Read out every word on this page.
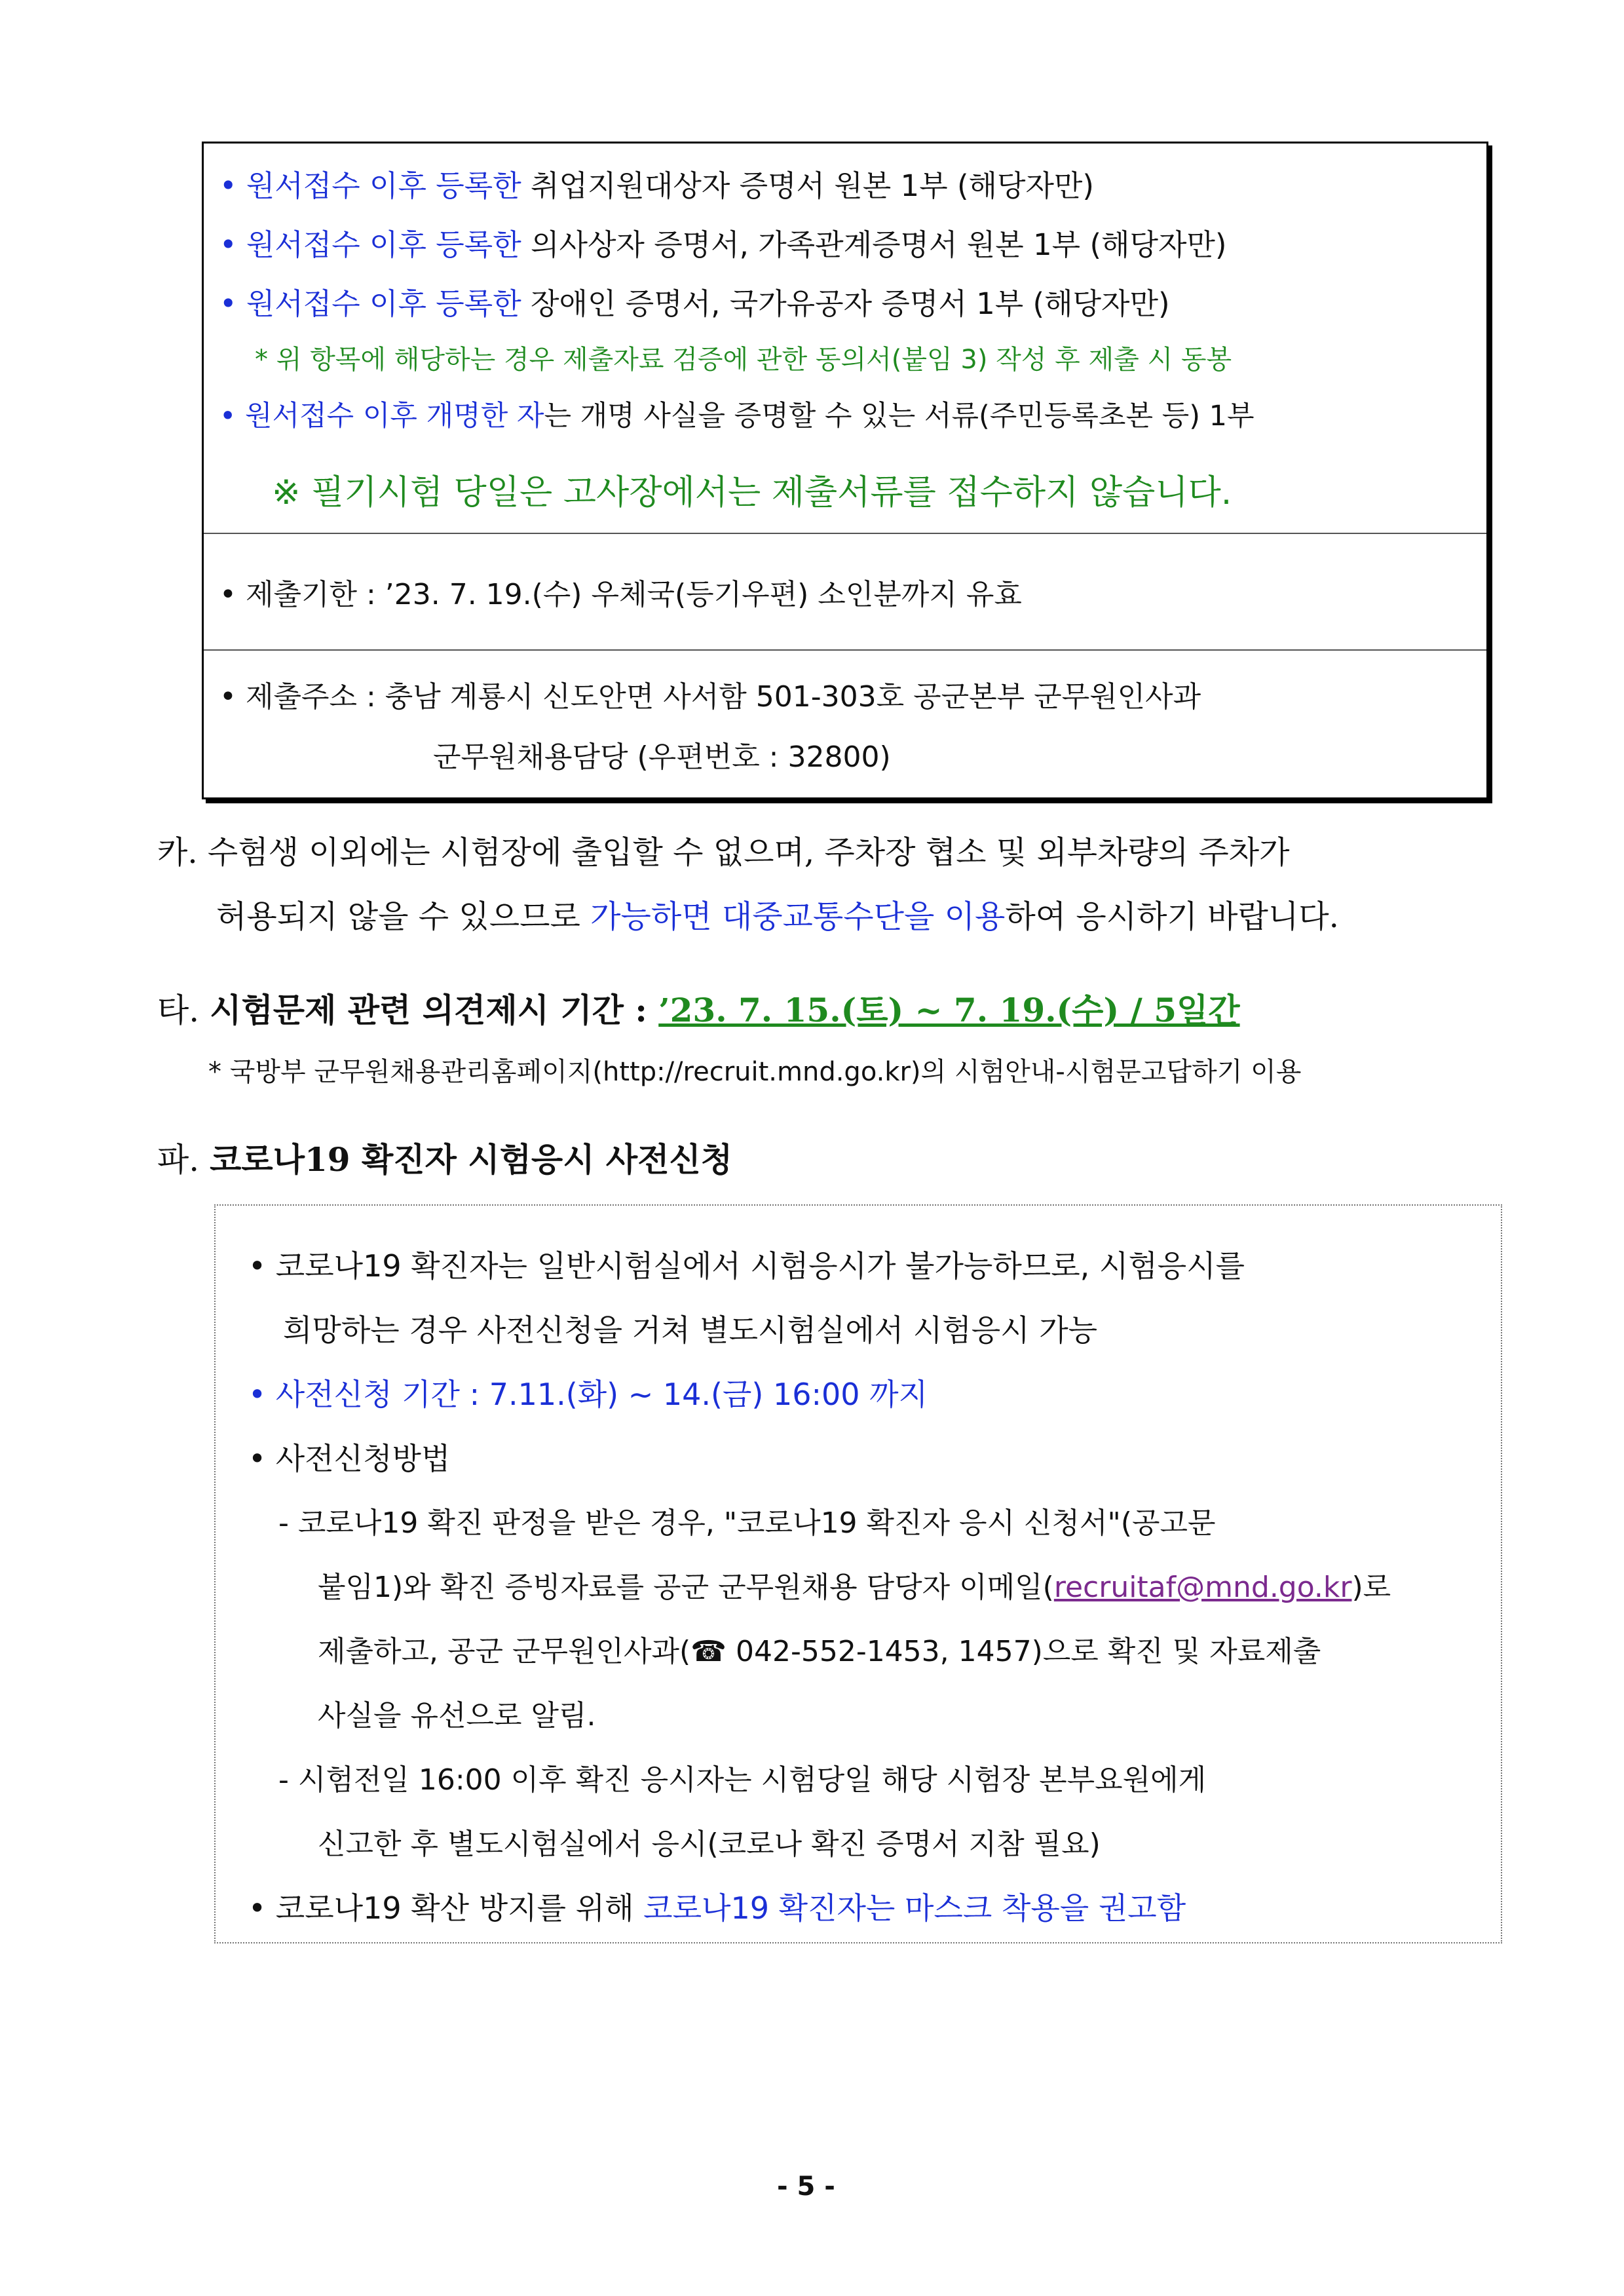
• 원서접수 이후 등록한 취업지원대상자 증명서 원본 1부 (해당자만)
• 원서접수 이후 등록한 의사상자 증명서, 가족관계증명서 원본 1부 (해당자만)
• 원서접수 이후 등록한 장애인 증명서, 국가유공자 증명서 1부 (해당자만)
* 위 항목에 해당하는 경우 제출자료 검증에 관한 동의서(붙임 3) 작성 후 제출 시 동봉
• 원서접수 이후 개명한 자는 개명 사실을 증명할 수 있는 서류(주민등록초본 등) 1부
※ 필기시험 당일은 고사장에서는 제출서류를 접수하지 않습니다.
• 제출기한 : ’23. 7. 19.(수) 우체국(등기우편) 소인분까지 유효
• 제출주소 : 충남 계룡시 신도안면 사서함 501-303호 공군본부 군무원인사과
군무원채용담당 (우편번호 : 32800)
카. 수험생 이외에는 시험장에 출입할 수 없으며, 주차장 협소 및 외부차량의 주차가
허용되지 않을 수 있으므로 가능하면 대중교통수단을 이용하여 응시하기 바랍니다.
타. 시험문제 관련 의견제시 기간 : ’23. 7. 15.(토) ~ 7. 19.(수) / 5일간
* 국방부 군무원채용관리홈페이지(http://recruit.mnd.go.kr)의 시험안내-시험문고답하기 이용
파. 코로나19 확진자 시험응시 사전신청
• 코로나19 확진자는 일반시험실에서 시험응시가 불가능하므로, 시험응시를
희망하는 경우 사전신청을 거쳐 별도시험실에서 시험응시 가능
• 사전신청 기간 : 7.11.(화) ~ 14.(금) 16:00 까지
• 사전신청방법
- 코로나19 확진 판정을 받은 경우, "코로나19 확진자 응시 신청서"(공고문
붙임1)와 확진 증빙자료를 공군 군무원채용 담당자 이메일(recruitaf@mnd.go.kr)로
제출하고, 공군 군무원인사과(☎ 042-552-1453, 1457)으로 확진 및 자료제출
사실을 유선으로 알림.
- 시험전일 16:00 이후 확진 응시자는 시험당일 해당 시험장 본부요원에게
신고한 후 별도시험실에서 응시(코로나 확진 증명서 지참 필요)
• 코로나19 확산 방지를 위해 코로나19 확진자는 마스크 착용을 권고함
- 5 -
